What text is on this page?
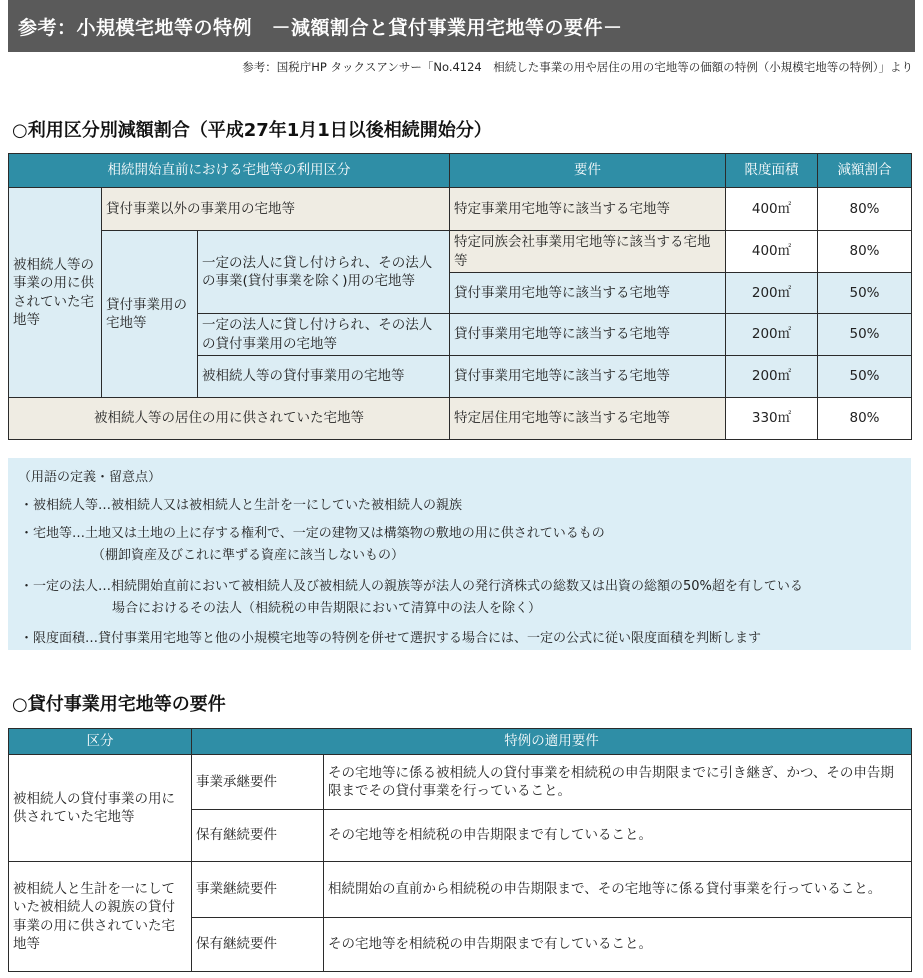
参考：小規模宅地等の特例　－減額割合と貸付事業用宅地等の要件－
参考：国税庁HP タックスアンサー「No.4124　相続した事業の用や居住の用の宅地等の価額の特例（小規模宅地等の特例）」より
○利用区分別減額割合（平成27年1月1日以後相続開始分）
相続開始直前における宅地等の利用区分			要件	限度面積	減額割合
被相続人等の事業の用に供されていた宅地等	貸付事業以外の事業用の宅地等		特定事業用宅地等に該当する宅地等	400㎡	80%
	貸付事業用の宅地等	一定の法人に貸し付けられ、その法人の事業(貸付事業を除く)用の宅地等	特定同族会社事業用宅地等に該当する宅地等	400㎡	80%
			貸付事業用宅地等に該当する宅地等	200㎡	50%
		一定の法人に貸し付けられ、その法人の貸付事業用の宅地等	貸付事業用宅地等に該当する宅地等	200㎡	50%
		被相続人等の貸付事業用の宅地等	貸付事業用宅地等に該当する宅地等	200㎡	50%
被相続人等の居住の用に供されていた宅地等			特定居住用宅地等に該当する宅地等	330㎡	80%
（用語の定義・留意点）
・被相続人等…被相続人又は被相続人と生計を一にしていた被相続人の親族
・宅地等…土地又は土地の上に存する権利で、一定の建物又は構築物の敷地の用に供されているもの
（棚卸資産及びこれに準ずる資産に該当しないもの）
・一定の法人…相続開始直前において被相続人及び被相続人の親族等が法人の発行済株式の総数又は出資の総額の50%超を有している
場合におけるその法人（相続税の申告期限において清算中の法人を除く）
・限度面積…貸付事業用宅地等と他の小規模宅地等の特例を併せて選択する場合には、一定の公式に従い限度面積を判断します
○貸付事業用宅地等の要件
区分	特例の適用要件	
被相続人の貸付事業の用に供されていた宅地等	事業承継要件	その宅地等に係る被相続人の貸付事業を相続税の申告期限までに引き継ぎ、かつ、その申告期限までその貸付事業を行っていること。
	保有継続要件	その宅地等を相続税の申告期限まで有していること。
被相続人と生計を一にしていた被相続人の親族の貸付事業の用に供されていた宅地等	事業継続要件	相続開始の直前から相続税の申告期限まで、その宅地等に係る貸付事業を行っていること。
	保有継続要件	その宅地等を相続税の申告期限まで有していること。
